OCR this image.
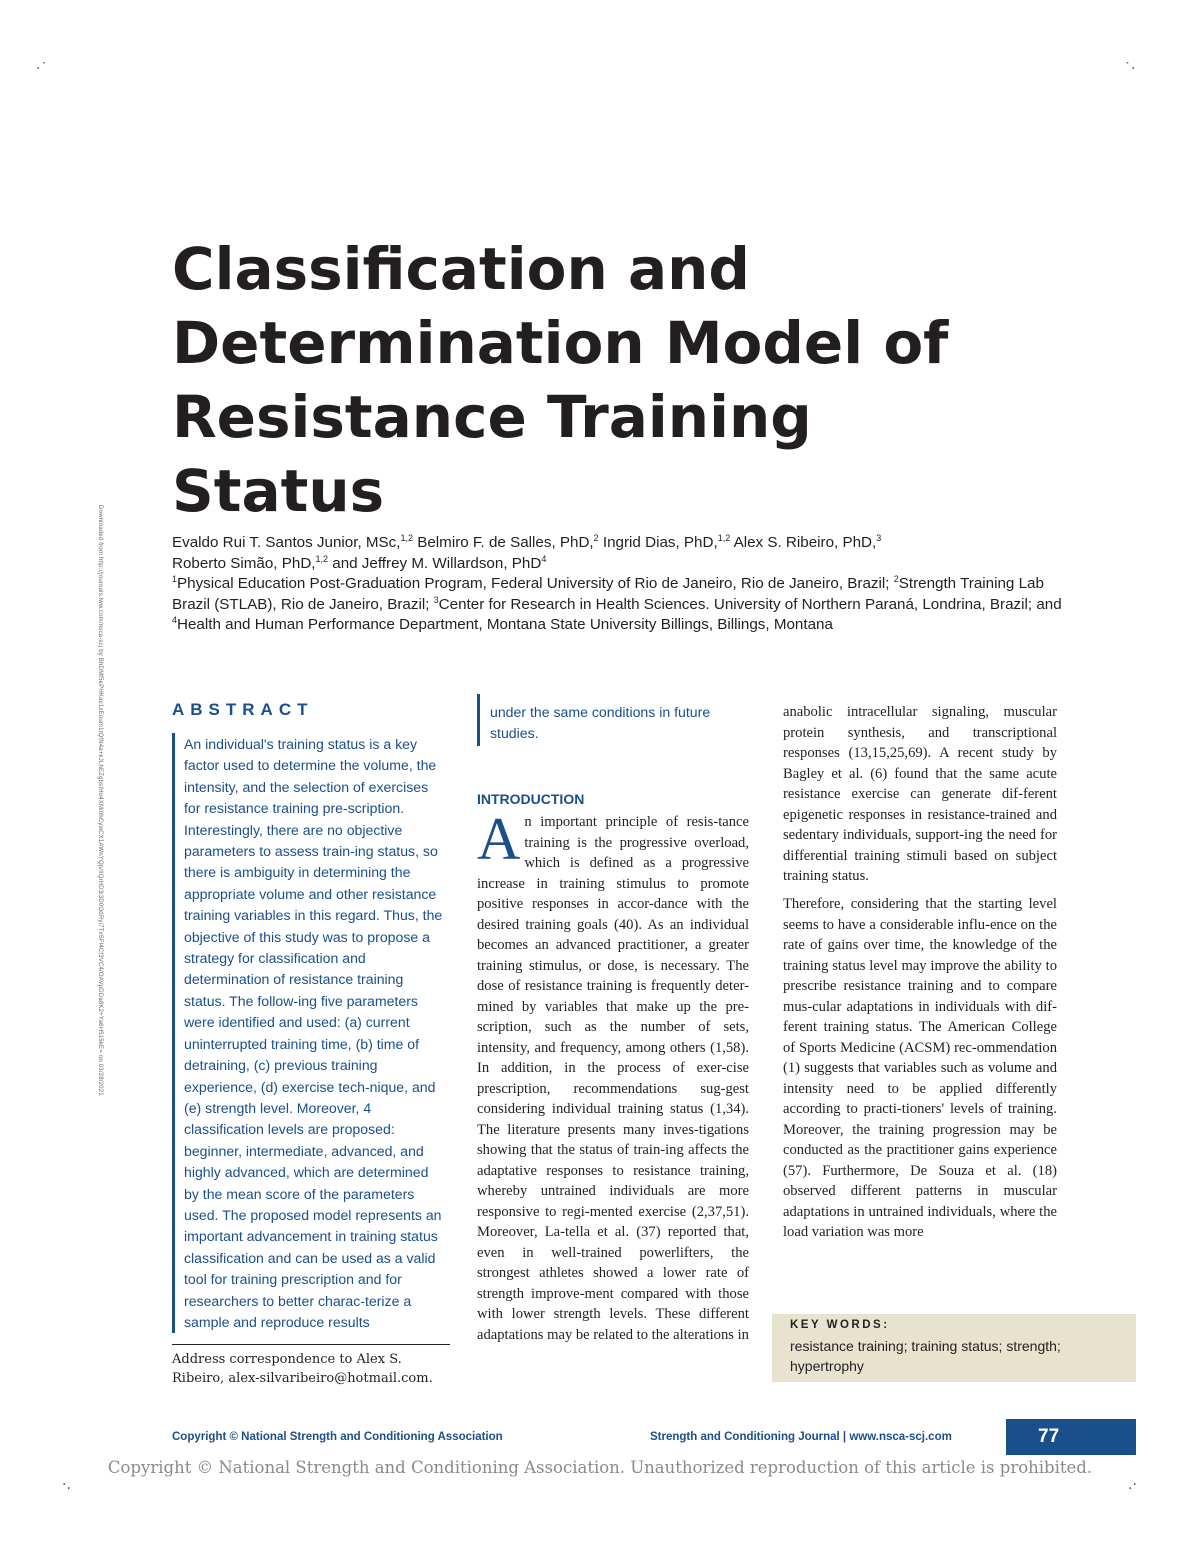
·˙	˙·
·.	.·
Downloaded from http://journals.lww.com/nsca-scj by BhDMf5ePHKav1zEoum1tQfN4a+kJLhEZgbsIHo4XMi0hCywCX1AWnYQp/IlQrHD3i3D0OdRyi7TvSFl4Cf3VC4/OAVpDDa8K2+Ya6H515kE= on 03/28/2021
Classification and
Determination Model of
Resistance Training
Status
Evaldo Rui T. Santos Junior, MSc,$^{1,2}$ Belmiro F. de Salles, PhD,$^2$ Ingrid Dias, PhD,$^{1,2}$ Alex S. Ribeiro, PhD,$^3$
Roberto Simão, PhD,$^{1,2}$ and Jeffrey M. Willardson, PhD$^4$
$^1$Physical Education Post-Graduation Program, Federal University of Rio de Janeiro, Rio de Janeiro, Brazil; $^2$Strength Training Lab Brazil (STLAB), Rio de Janeiro, Brazil; $^3$Center for Research in Health Sciences. University of Northern Paraná, Londrina, Brazil; and $^4$Health and Human Performance Department, Montana State University Billings, Billings, Montana
ABSTRACT

An individual's training status is a key factor used to determine the volume, the intensity, and the selection of exercises for resistance training pre-scription. Interestingly, there are no objective parameters to assess train-ing status, so there is ambiguity in determining the appropriate volume and other resistance training variables in this regard. Thus, the objective of this study was to propose a strategy for classification and determination of resistance training status. The follow-ing five parameters were identified and used: (a) current uninterrupted training time, (b) time of detraining, (c) previous training experience, (d) exercise tech-nique, and (e) strength level. Moreover, 4 classification levels are proposed: beginner, intermediate, advanced, and highly advanced, which are determined by the mean score of the parameters used. The proposed model represents an important advancement in training status classification and can be used as a valid tool for training prescription and for researchers to better charac-terize a sample and reproduce results

under the same conditions in future studies.

Address correspondence to Alex S. Ribeiro, alex-silvaribeiro@hotmail.com.

INTRODUCTION

An important principle of resis-tance training is the progressive overload, which is defined as a progressive increase in training stimulus to promote positive responses in accor-dance with the desired training goals (40). As an individual becomes an advanced practitioner, a greater training stimulus, or dose, is necessary. The dose of resistance training is frequently deter-mined by variables that make up the pre-scription, such as the number of sets, intensity, and frequency, among others (1,58). In addition, in the process of exer-cise prescription, recommendations sug-gest considering individual training status (1,34). The literature presents many inves-tigations showing that the status of train-ing affects the adaptative responses to resistance training, whereby untrained individuals are more responsive to regi-mented exercise (2,37,51). Moreover, La-tella et al. (37) reported that, even in well-trained powerlifters, the strongest athletes showed a lower rate of strength improve-ment compared with those with lower strength levels. These different adaptations may be related to the alterations in

anabolic intracellular signaling, muscular protein synthesis, and transcriptional responses (13,15,25,69). A recent study by Bagley et al. (6) found that the same acute resistance exercise can generate dif-ferent epigenetic responses in resistance-trained and sedentary individuals, support-ing the need for differential training stimuli based on subject training status.

Therefore, considering that the starting level seems to have a considerable influ-ence on the rate of gains over time, the knowledge of the training status level may improve the ability to prescribe resistance training and to compare mus-cular adaptations in individuals with dif-ferent training status. The American College of Sports Medicine (ACSM) rec-ommendation (1) suggests that variables such as volume and intensity need to be applied differently according to practi-tioners' levels of training. Moreover, the training progression may be conducted as the practitioner gains experience (57). Furthermore, De Souza et al. (18) observed different patterns in muscular adaptations in untrained individuals, where the load variation was more

KEY WORDS:

resistance training; training status; strength; hypertrophy

Copyright © National Strength and Conditioning Association	Strength and Conditioning Journal | www.nsca-scj.com	77

Copyright © National Strength and Conditioning Association. Unauthorized reproduction of this article is prohibited.
